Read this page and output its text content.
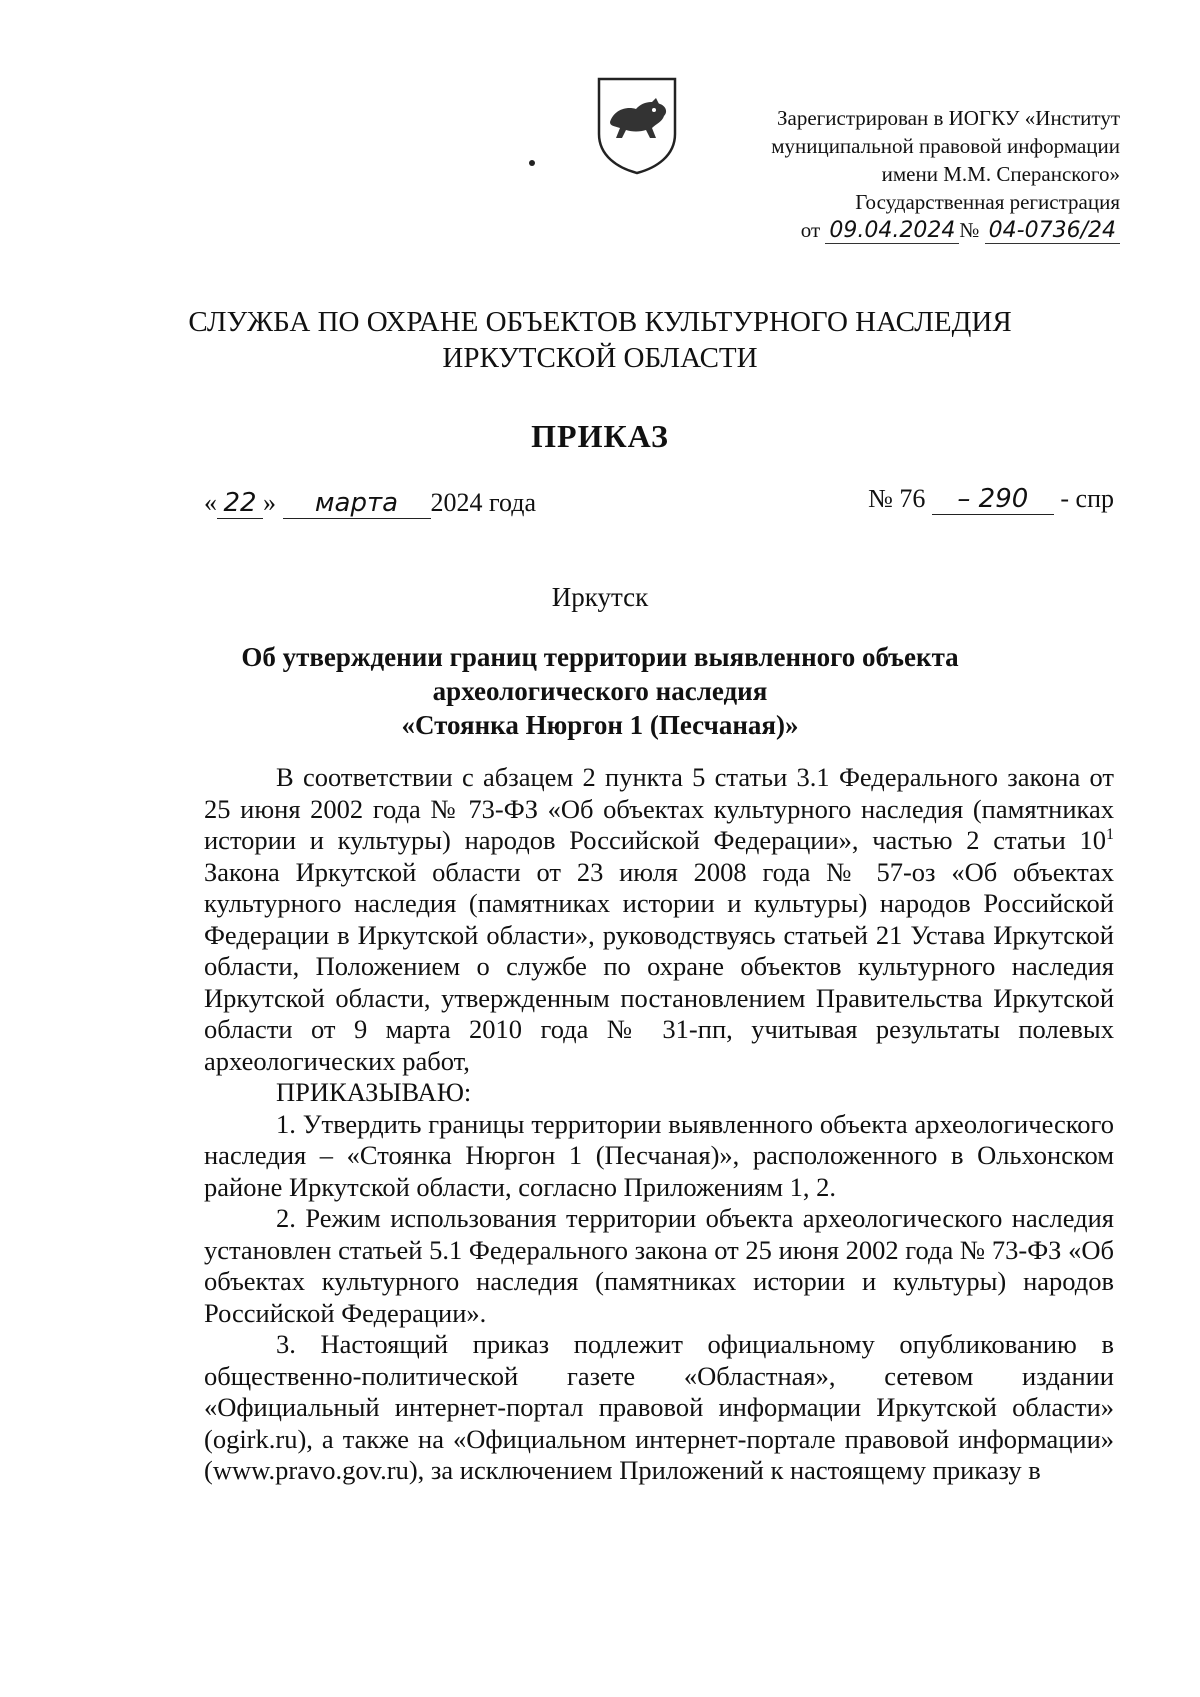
Зарегистрирован в ИОГКУ «Институт
муниципальной правовой информации
имени М.М. Сперанского»
Государственная регистрация
от 09.04.2024 № 04-0736/24
СЛУЖБА ПО ОХРАНЕ ОБЪЕКТОВ КУЛЬТУРНОГО НАСЛЕДИЯ
ИРКУТСКОЙ ОБЛАСТИ
ПРИКАЗ
« 22 » марта 2024 года	№ 76 – 290 - спр
Иркутск
Об утверждении границ территории выявленного объекта
археологического наследия
«Стоянка Нюргон 1 (Песчаная)»

В соответствии с абзацем 2 пункта 5 статьи 3.1 Федерального закона от 25 июня 2002 года № 73-ФЗ «Об объектах культурного наследия (памятниках истории и культуры) народов Российской Федерации», частью 2 статьи $10^1$ Закона Иркутской области от 23 июля 2008 года № 57-оз «Об объектах культурного наследия (памятниках истории и культуры) народов Российской Федерации в Иркутской области», руководствуясь статьей 21 Устава Иркутской области, Положением о службе по охране объектов культурного наследия Иркутской области, утвержденным постановлением Правительства Иркутской области от 9 марта 2010 года № 31-пп, учитывая результаты полевых археологических работ,

ПРИКАЗЫВАЮ:

1. Утвердить границы территории выявленного объекта археологического наследия – «Стоянка Нюргон 1 (Песчаная)», расположенного в Ольхонском районе Иркутской области, согласно Приложениям 1, 2.

2. Режим использования территории объекта археологического наследия установлен статьей 5.1 Федерального закона от 25 июня 2002 года № 73-ФЗ «Об объектах культурного наследия (памятниках истории и культуры) народов Российской Федерации».

3. Настоящий приказ подлежит официальному опубликованию в общественно-политической газете «Областная», сетевом издании «Официальный интернет-портал правовой информации Иркутской области» (ogirk.ru), а также на «Официальном интернет-портале правовой информации» (www.pravo.gov.ru), за исключением Приложений к настоящему приказу в
